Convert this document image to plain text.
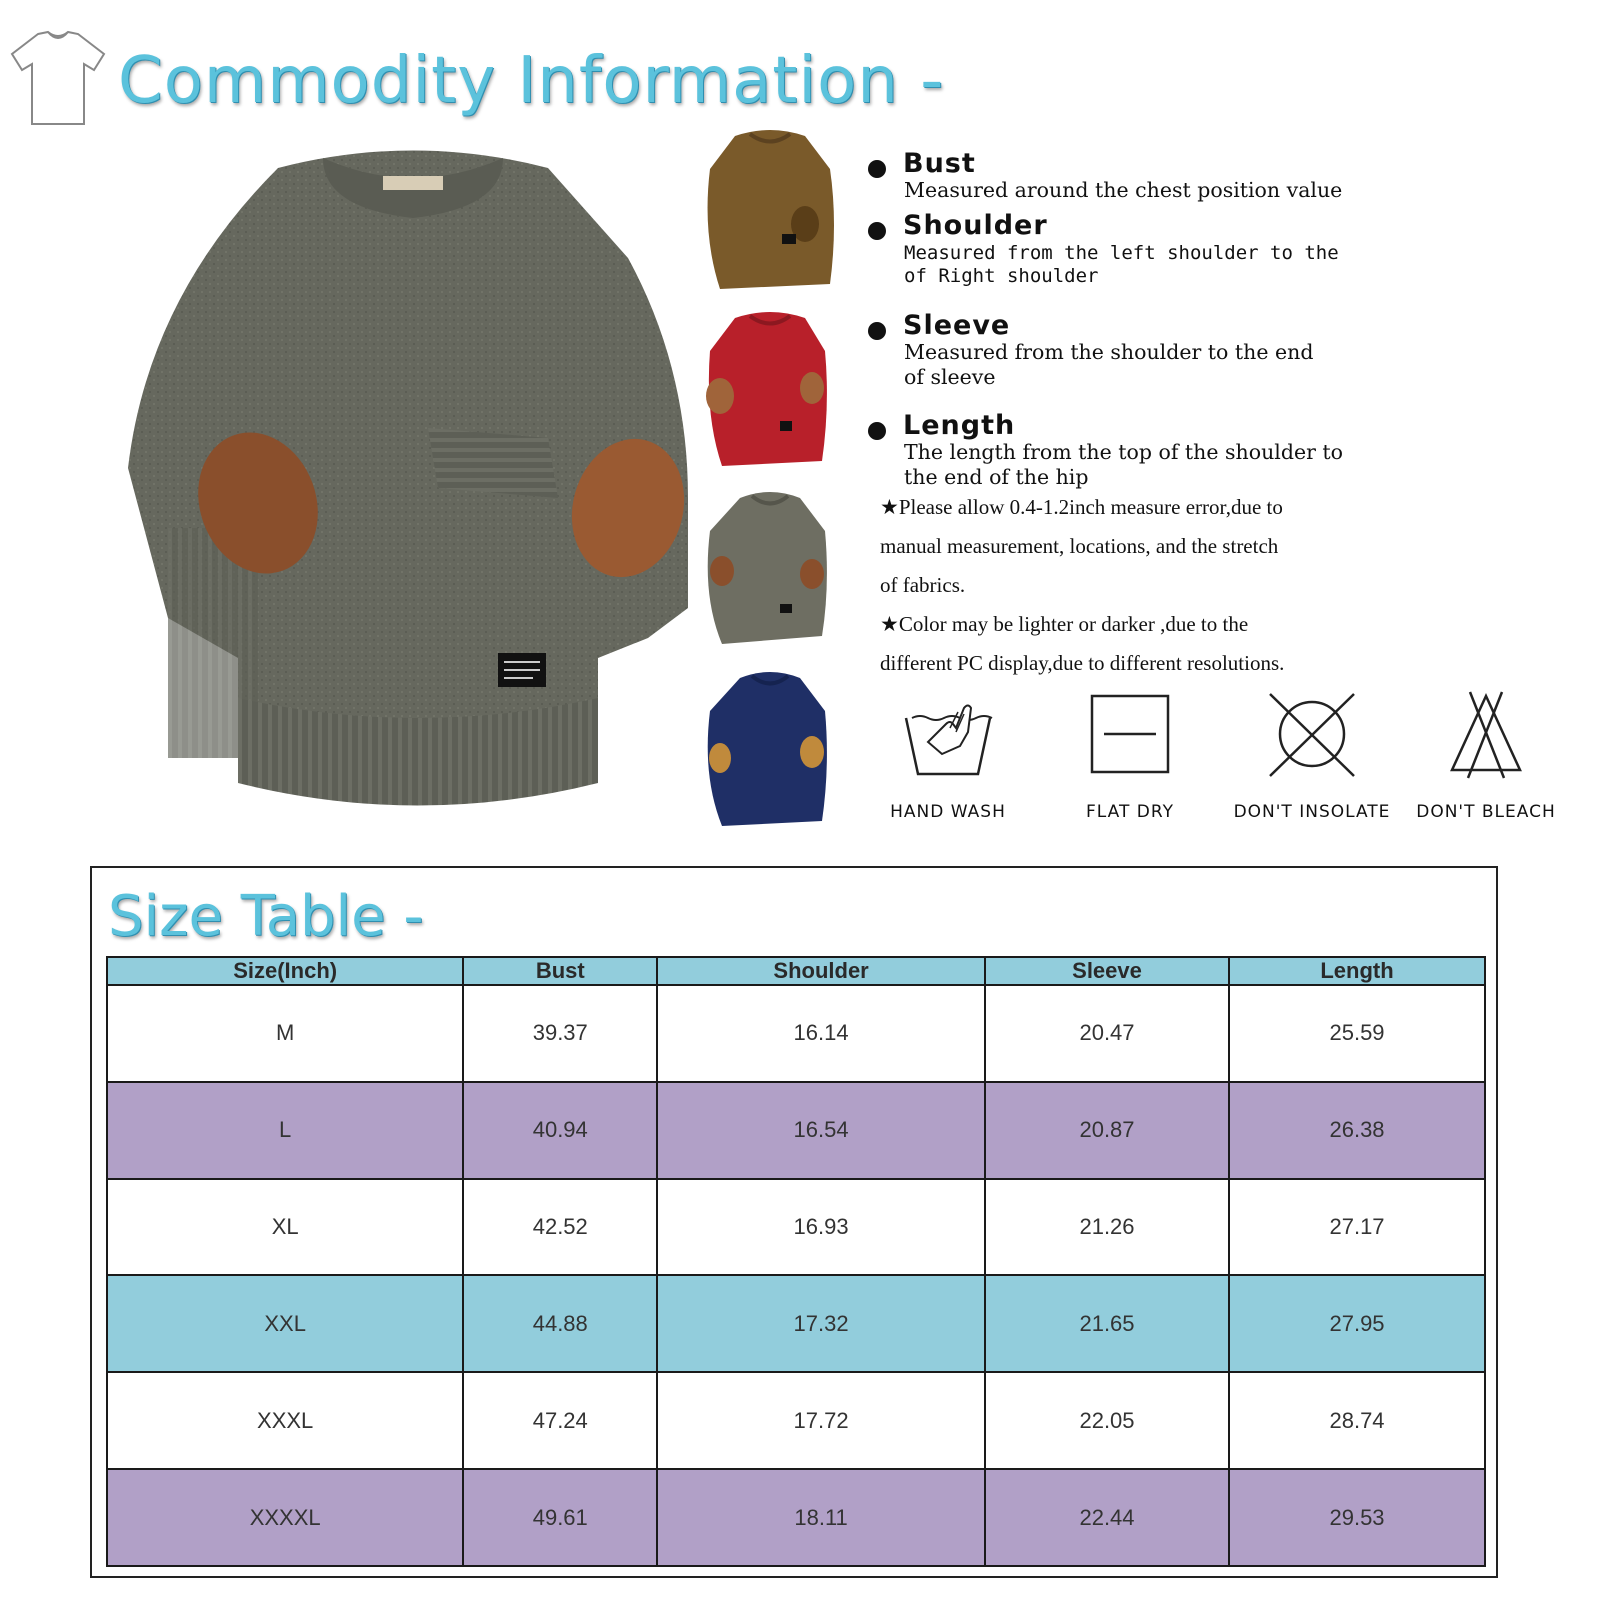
Commodity Information -
Bust
Measured around the chest position value
Shoulder
Measured from the left shoulder to the
of Right shoulder
Sleeve
Measured from the shoulder to the end
of sleeve
Length
The length from the top of the shoulder to
the end of the hip

★Please allow 0.4-1.2inch measure error,due to

manual measurement, locations, and the stretch

of fabrics.

★Color may be lighter or darker ,due to the

different PC display,due to different resolutions.

HAND WASH	FLAT DRY	DON'T INSOLATE	DON'T BLEACH
Size Table -
Size(Inch)	Bust	Shoulder	Sleeve	Length
M	39.37	16.14	20.47	25.59
L	40.94	16.54	20.87	26.38
XL	42.52	16.93	21.26	27.17
XXL	44.88	17.32	21.65	27.95
XXXL	47.24	17.72	22.05	28.74
XXXXL	49.61	18.11	22.44	29.53
